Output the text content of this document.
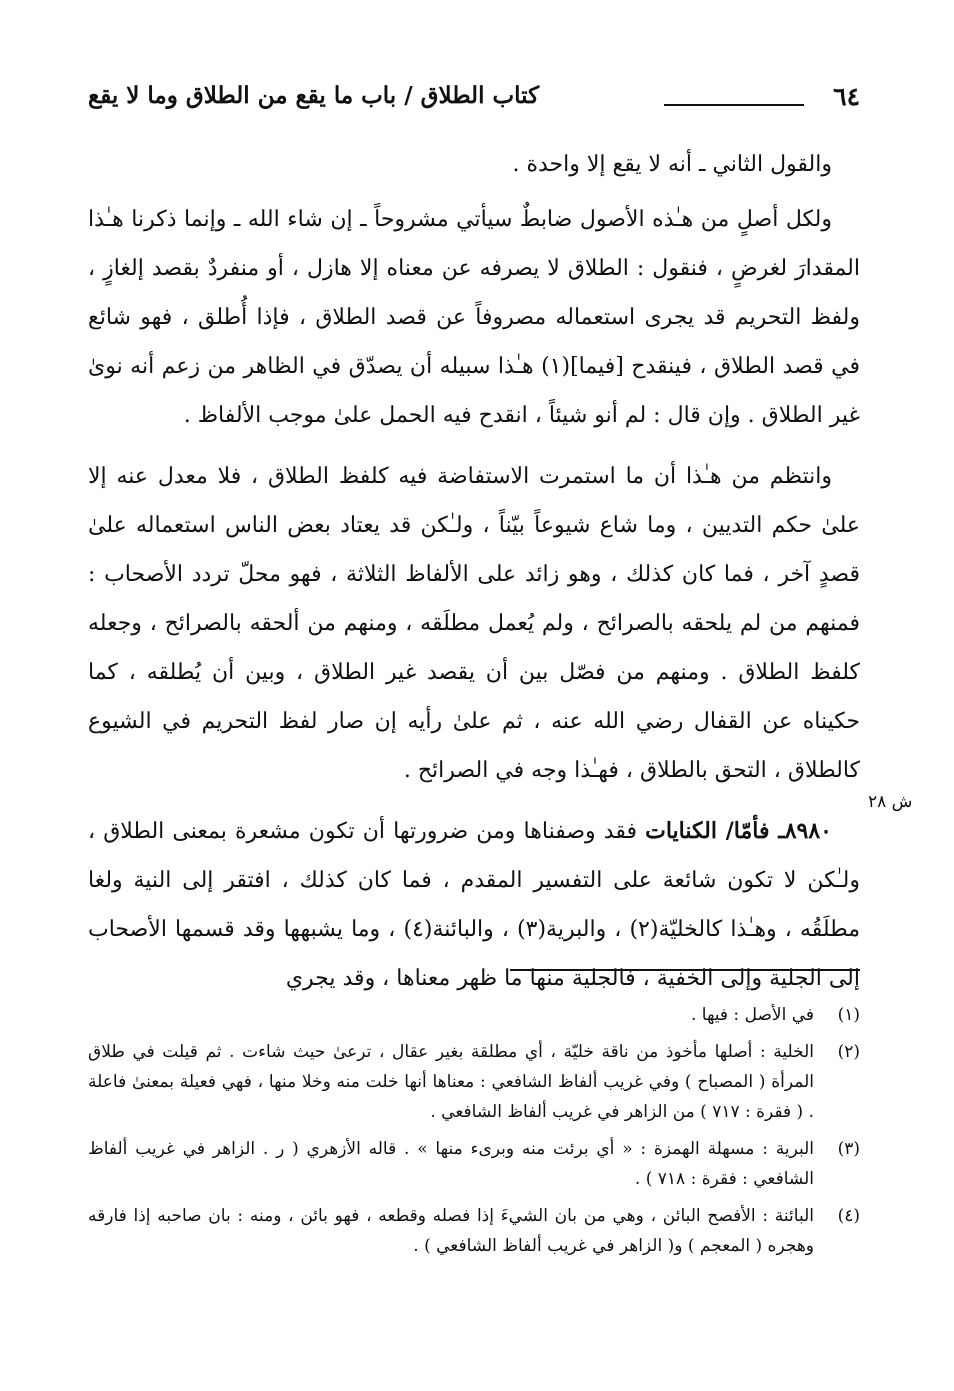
٦٤
كتاب الطلاق / باب ما يقع من الطلاق وما لا يقع

والقول الثاني ـ أنه لا يقع إلا واحدة .

ولكل أصلٍ من هـٰذه الأصول ضابطٌ سيأتي مشروحاً ـ إن شاء الله ـ وإنما ذكرنا هـٰذا المقدارَ لغرضٍ ، فنقول : الطلاق لا يصرفه عن معناه إلا هازل ، أو منفردٌ بقصد إلغازٍ ، ولفظ التحريم قد يجرى استعماله مصروفاً عن قصد الطلاق ، فإذا أُطلق ، فهو شائع في قصد الطلاق ، فينقدح [فيما](١) هـٰذا سبيله أن يصدّق في الظاهر من زعم أنه نوىٰ غير الطلاق . وإن قال : لم أنو شيئاً ، انقدح فيه الحمل علىٰ موجب الألفاظ .

وانتظم من هـٰذا أن ما استمرت الاستفاضة فيه كلفظ الطلاق ، فلا معدل عنه إلا علىٰ حكم التديين ، وما شاع شيوعاً بيّناً ، ولـٰكن قد يعتاد بعض الناس استعماله علىٰ قصدٍ آخر ، فما كان كذلك ، وهو زائد على الألفاظ الثلاثة ، فهو محلّ تردد الأصحاب : فمنهم من لم يلحقه بالصرائح ، ولم يُعمل مطلَقه ، ومنهم من ألحقه بالصرائح ، وجعله كلفظ الطلاق . ومنهم من فصّل بين أن يقصد غير الطلاق ، وبين أن يُطلقه ، كما حكيناه عن القفال رضي الله عنه ، ثم علىٰ رأيه إن صار لفظ التحريم في الشيوع كالطلاق ، التحق بالطلاق ، فهـٰذا وجه في الصرائح .

٨٩٨٠ـ فأمّا/ الكنايات فقد وصفناها ومن ضرورتها أن تكون مشعرة بمعنى الطلاق ، ولـٰكن لا تكون شائعة على التفسير المقدم ، فما كان كذلك ، افتقر إلى النية ولغا مطلَقُه ، وهـٰذا كالخليّة(٢) ، والبرية(٣) ، والبائنة(٤) ، وما يشبهها وقد قسمها الأصحاب إلى الجلية وإلى الخفية ، فالجلية منها ما ظهر معناها ، وقد يجري

ش ٢٨
(١)
في الأصل : فيها .
(٢)
الخلية : أصلها مأخوذ من ناقة خليّة ، أي مطلقة بغير عقال ، ترعىٰ حيث شاءت . ثم قيلت في طلاق المرأة ( المصباح ) وفي غريب ألفاظ الشافعي : معناها أنها خلت منه وخلا منها ، فهي فعيلة بمعنىٰ فاعلة . ( فقرة : ٧١٧ ) من الزاهر في غريب ألفاظ الشافعي .
(٣)
البرية : مسهلة الهمزة : « أي برئت منه وبرىء منها » . قاله الأزهري ( ر . الزاهر في غريب ألفاظ الشافعي : فقرة : ٧١٨ ) .
(٤)
البائنة : الأفصح البائن ، وهي من بان الشيءَ إذا فصله وقطعه ، فهو بائن ، ومنه : بان صاحبه إذا فارقه وهجره ( المعجم ) و( الزاهر في غريب ألفاظ الشافعي ) .
